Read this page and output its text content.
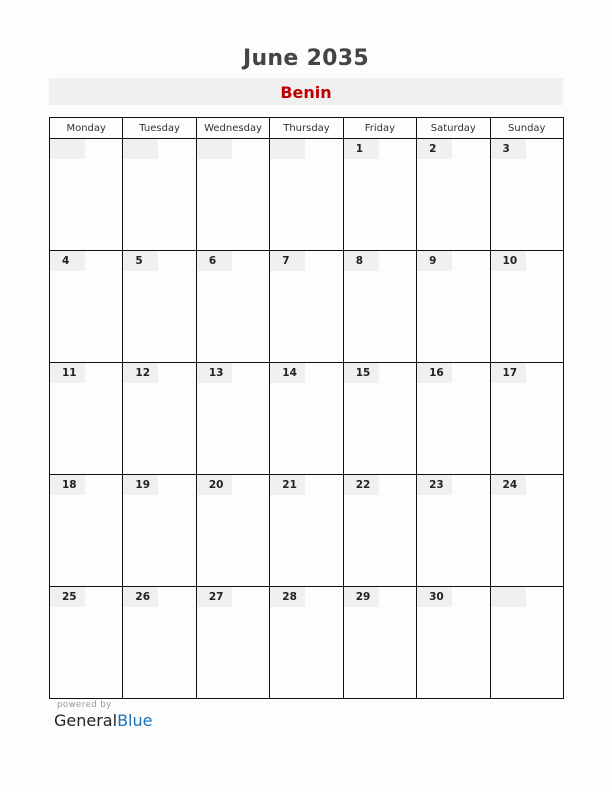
June 2035
Benin
Monday	Tuesday	Wednesday	Thursday	Friday	Saturday	Sunday

				1	2	3

4	5	6	7	8	9	10

11	12	13	14	15	16	17

18	19	20	21	22	23	24

25	26	27	28	29	30	

powered by
GeneralBlue
